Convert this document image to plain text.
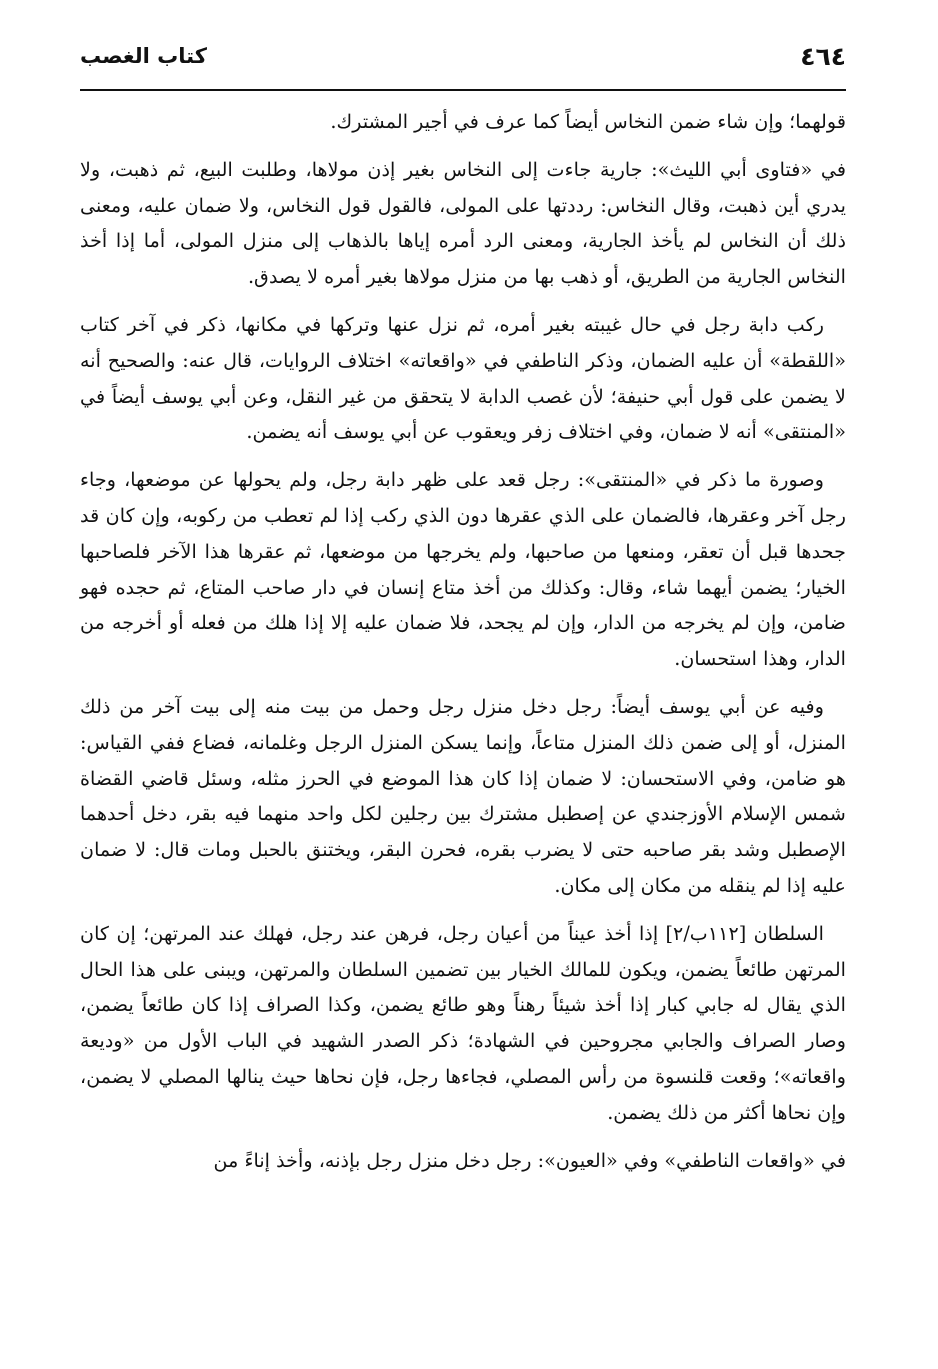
٤٦٤
كتاب الغصب

قولهما؛ وإن شاء ضمن النخاس أيضاً كما عرف في أجير المشترك.

في «فتاوى أبي الليث»: جارية جاءت إلى النخاس بغير إذن مولاها، وطلبت البيع، ثم ذهبت، ولا يدري أين ذهبت، وقال النخاس: رددتها على المولى، فالقول قول النخاس، ولا ضمان عليه، ومعنى ذلك أن النخاس لم يأخذ الجارية، ومعنى الرد أمره إياها بالذهاب إلى منزل المولى، أما إذا أخذ النخاس الجارية من الطريق، أو ذهب بها من منزل مولاها بغير أمره لا يصدق.

ركب دابة رجل في حال غيبته بغير أمره، ثم نزل عنها وتركها في مكانها، ذكر في آخر كتاب «اللقطة» أن عليه الضمان، وذكر الناطفي في «واقعاته» اختلاف الروايات، قال عنه: والصحيح أنه لا يضمن على قول أبي حنيفة؛ لأن غصب الدابة لا يتحقق من غير النقل، وعن أبي يوسف أيضاً في «المنتقى» أنه لا ضمان، وفي اختلاف زفر ويعقوب عن أبي يوسف أنه يضمن.

وصورة ما ذكر في «المنتقى»: رجل قعد على ظهر دابة رجل، ولم يحولها عن موضعها، وجاء رجل آخر وعقرها، فالضمان على الذي عقرها دون الذي ركب إذا لم تعطب من ركوبه، وإن كان قد جحدها قبل أن تعقر، ومنعها من صاحبها، ولم يخرجها من موضعها، ثم عقرها هذا الآخر فلصاحبها الخيار؛ يضمن أيهما شاء، وقال: وكذلك من أخذ متاع إنسان في دار صاحب المتاع، ثم حجده فهو ضامن، وإن لم يخرجه من الدار، وإن لم يجحد، فلا ضمان عليه إلا إذا هلك من فعله أو أخرجه من الدار، وهذا استحسان.

وفيه عن أبي يوسف أيضاً: رجل دخل منزل رجل وحمل من بيت منه إلى بيت آخر من ذلك المنزل، أو إلى ضمن ذلك المنزل متاعاً، وإنما يسكن المنزل الرجل وغلمانه، فضاع ففي القياس: هو ضامن، وفي الاستحسان: لا ضمان إذا كان هذا الموضع في الحرز مثله، وسئل قاضي القضاة شمس الإسلام الأوزجندي عن إصطبل مشترك بين رجلين لكل واحد منهما فيه بقر، دخل أحدهما الإصطبل وشد بقر صاحبه حتى لا يضرب بقره، فحرن البقر، ويختنق بالحبل ومات قال: لا ضمان عليه إذا لم ينقله من مكان إلى مكان.

السلطان [١١٢ب/٢] إذا أخذ عيناً من أعيان رجل، فرهن عند رجل، فهلك عند المرتهن؛ إن كان المرتهن طائعاً يضمن، ويكون للمالك الخيار بين تضمين السلطان والمرتهن، ويبنى على هذا الحال الذي يقال له جابي كبار إذا أخذ شيئاً رهناً وهو طائع يضمن، وكذا الصراف إذا كان طائعاً يضمن، وصار الصراف والجابي مجروحين في الشهادة؛ ذكر الصدر الشهيد في الباب الأول من «وديعة واقعاته»؛ وقعت قلنسوة من رأس المصلي، فجاءها رجل، فإن نحاها حيث ينالها المصلي لا يضمن، وإن نحاها أكثر من ذلك يضمن.

في «واقعات الناطفي» وفي «العيون»: رجل دخل منزل رجل بإذنه، وأخذ إناءً من
